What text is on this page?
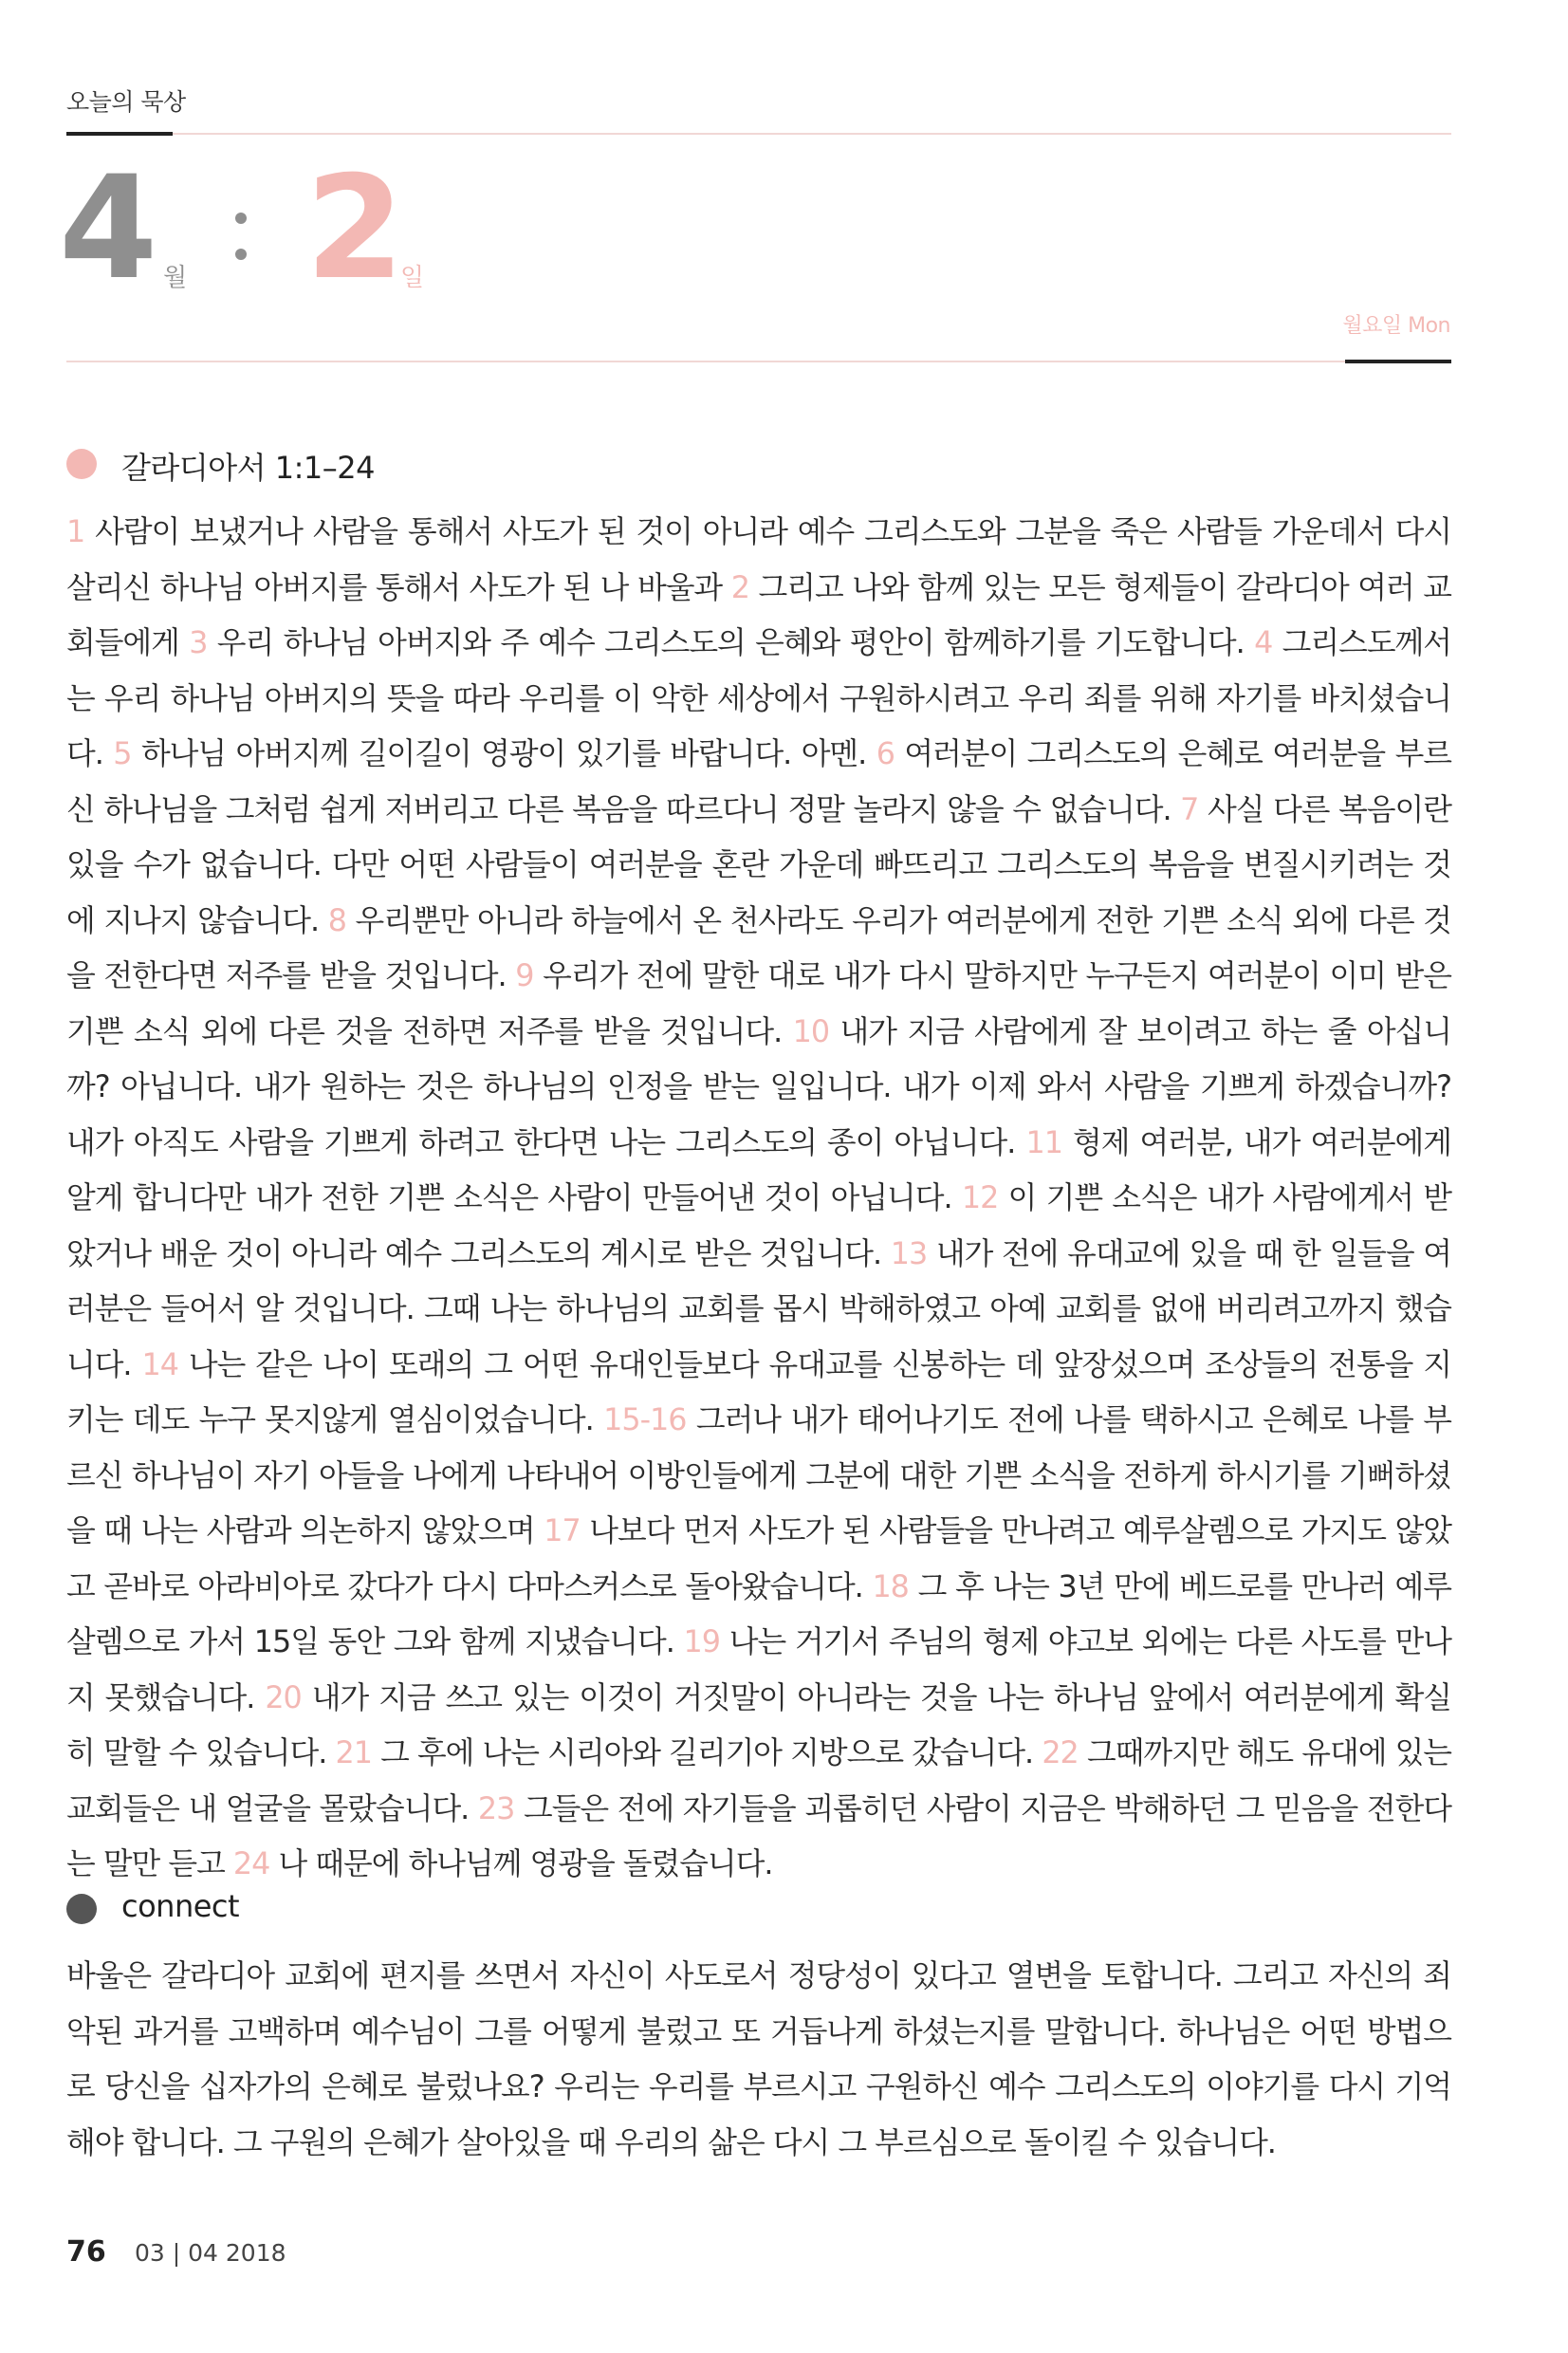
오늘의 묵상
4 월 2
일
월요일 Mon
갈라디아서 1:1–24

1 사람이 보냈거나 사람을 통해서 사도가 된 것이 아니라 예수 그리스도와 그분을 죽은 사람들 가운데서 다시 살리신 하나님 아버지를 통해서 사도가 된 나 바울과 2 그리고 나와 함께 있는 모든 형제들이 갈라디아 여러 교회들에게 3 우리 하나님 아버지와 주 예수 그리스도의 은혜와 평안이 함께하기를 기도합니다. 4 그리스도께서는 우리 하나님 아버지의 뜻을 따라 우리를 이 악한 세상에서 구원하시려고 우리 죄를 위해 자기를 바치셨습니다. 5 하나님 아버지께 길이길이 영광이 있기를 바랍니다. 아멘. 6 여러분이 그리스도의 은혜로 여러분을 부르신 하나님을 그처럼 쉽게 저버리고 다른 복음을 따르다니 정말 놀라지 않을 수 없습니다. 7 사실 다른 복음이란 있을 수가 없습니다. 다만 어떤 사람들이 여러분을 혼란 가운데 빠뜨리고 그리스도의 복음을 변질시키려는 것에 지나지 않습니다. 8 우리뿐만 아니라 하늘에서 온 천사라도 우리가 여러분에게 전한 기쁜 소식 외에 다른 것을 전한다면 저주를 받을 것입니다. 9 우리가 전에 말한 대로 내가 다시 말하지만 누구든지 여러분이 이미 받은 기쁜 소식 외에 다른 것을 전하면 저주를 받을 것입니다. 10 내가 지금 사람에게 잘 보이려고 하는 줄 아십니까? 아닙니다. 내가 원하는 것은 하나님의 인정을 받는 일입니다. 내가 이제 와서 사람을 기쁘게 하겠습니까? 내가 아직도 사람을 기쁘게 하려고 한다면 나는 그리스도의 종이 아닙니다. 11 형제 여러분, 내가 여러분에게 알게 합니다만 내가 전한 기쁜 소식은 사람이 만들어낸 것이 아닙니다. 12 이 기쁜 소식은 내가 사람에게서 받았거나 배운 것이 아니라 예수 그리스도의 계시로 받은 것입니다. 13 내가 전에 유대교에 있을 때 한 일들을 여러분은 들어서 알 것입니다. 그때 나는 하나님의 교회를 몹시 박해하였고 아예 교회를 없애 버리려고까지 했습니다. 14 나는 같은 나이 또래의 그 어떤 유대인들보다 유대교를 신봉하는 데 앞장섰으며 조상들의 전통을 지키는 데도 누구 못지않게 열심이었습니다. 15-16 그러나 내가 태어나기도 전에 나를 택하시고 은혜로 나를 부르신 하나님이 자기 아들을 나에게 나타내어 이방인들에게 그분에 대한 기쁜 소식을 전하게 하시기를 기뻐하셨을 때 나는 사람과 의논하지 않았으며 17 나보다 먼저 사도가 된 사람들을 만나려고 예루살렘으로 가지도 않았고 곧바로 아라비아로 갔다가 다시 다마스커스로 돌아왔습니다. 18 그 후 나는 3년 만에 베드로를 만나러 예루살렘으로 가서 15일 동안 그와 함께 지냈습니다. 19 나는 거기서 주님의 형제 야고보 외에는 다른 사도를 만나지 못했습니다. 20 내가 지금 쓰고 있는 이것이 거짓말이 아니라는 것을 나는 하나님 앞에서 여러분에게 확실히 말할 수 있습니다. 21 그 후에 나는 시리아와 길리기아 지방으로 갔습니다. 22 그때까지만 해도 유대에 있는 교회들은 내 얼굴을 몰랐습니다. 23 그들은 전에 자기들을 괴롭히던 사람이 지금은 박해하던 그 믿음을 전한다는 말만 듣고 24 나 때문에 하나님께 영광을 돌렸습니다.

connect

바울은 갈라디아 교회에 편지를 쓰면서 자신이 사도로서 정당성이 있다고 열변을 토합니다. 그리고 자신의 죄악된 과거를 고백하며 예수님이 그를 어떻게 불렀고 또 거듭나게 하셨는지를 말합니다. 하나님은 어떤 방법으로 당신을 십자가의 은혜로 불렀나요? 우리는 우리를 부르시고 구원하신 예수 그리스도의 이야기를 다시 기억해야 합니다. 그 구원의 은혜가 살아있을 때 우리의 삶은 다시 그 부르심으로 돌이킬 수 있습니다.

76 03 | 04 2018
